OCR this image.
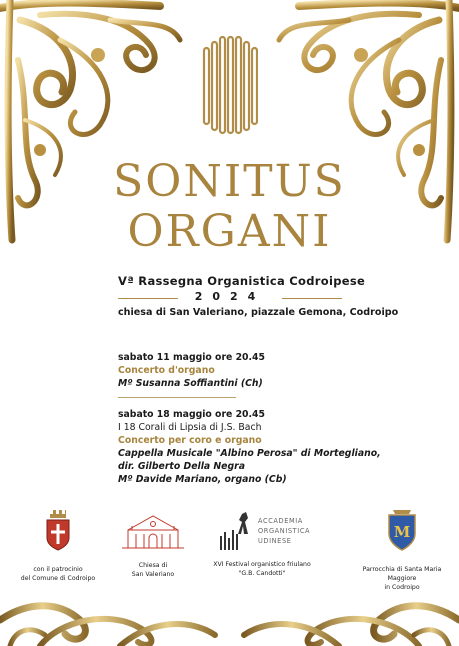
SONITUS
ORGANI
Vª Rassegna Organistica Codroipese
2024
chiesa di San Valeriano, piazzale Gemona, Codroipo
sabato 11 maggio ore 20.45
Concerto d'organo
Mº Susanna Soffiantini (Ch)
sabato 18 maggio ore 20.45
I 18 Corali di Lipsia di J.S. Bach
Concerto per coro e organo
Cappella Musicale "Albino Perosa" di Mortegliano,
dir. Gilberto Della Negra
Mº Davide Mariano, organo (Cb)
con il patrocinio
del Comune di Codroipo
Chiesa di
San Valeriano
ACCADEMIA
ORGANISTICA
UDINESE
XVI Festival organistico friulano
"G.B. Candotti"
M
Parrocchia di Santa Maria Maggiore
in Codroipo
